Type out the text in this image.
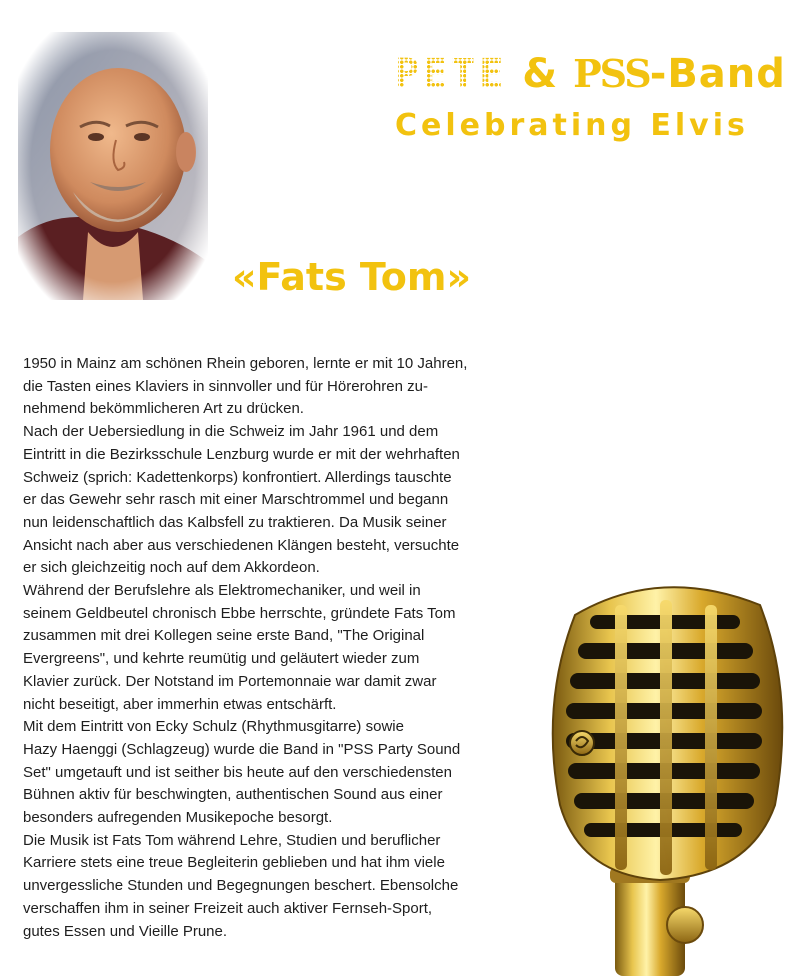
PETE & PSS-Band
Celebrating Elvis
«Fats Tom»

1950 in Mainz am schönen Rhein geboren, lernte er mit 10 Jahren,

die Tasten eines Klaviers in sinnvoller und für Hörerohren zu-

nehmend bekömmlicheren Art zu drücken.

Nach der Uebersiedlung in die Schweiz im Jahr 1961 und dem

Eintritt in die Bezirksschule Lenzburg wurde er mit der wehrhaften

Schweiz (sprich: Kadettenkorps) konfrontiert. Allerdings tauschte

er das Gewehr sehr rasch mit einer Marschtrommel und begann

nun leidenschaftlich das Kalbsfell zu traktieren. Da Musik seiner

Ansicht nach aber aus verschiedenen Klängen besteht, versuchte

er sich gleichzeitig noch auf dem Akkordeon.

Während der Berufslehre als Elektromechaniker, und weil in

seinem Geldbeutel chronisch Ebbe herrschte, gründete Fats Tom

zusammen mit drei Kollegen seine erste Band, "The Original

Evergreens", und kehrte reumütig und geläutert wieder zum

Klavier zurück. Der Notstand im Portemonnaie war damit zwar

nicht beseitigt, aber immerhin etwas entschärft.

Mit dem Eintritt von Ecky Schulz (Rhythmusgitarre) sowie

Hazy Haenggi (Schlagzeug) wurde die Band in "PSS Party Sound

Set" umgetauft und ist seither bis heute auf den verschiedensten

Bühnen aktiv für beschwingten, authentischen Sound aus einer

besonders aufregenden Musikepoche besorgt.

Die Musik ist Fats Tom während Lehre, Studien und beruflicher

Karriere stets eine treue Begleiterin geblieben und hat ihm viele

unvergessliche Stunden und Begegnungen beschert. Ebensolche

verschaffen ihm in seiner Freizeit auch aktiver Fernseh-Sport,

gutes Essen und Vieille Prune.
